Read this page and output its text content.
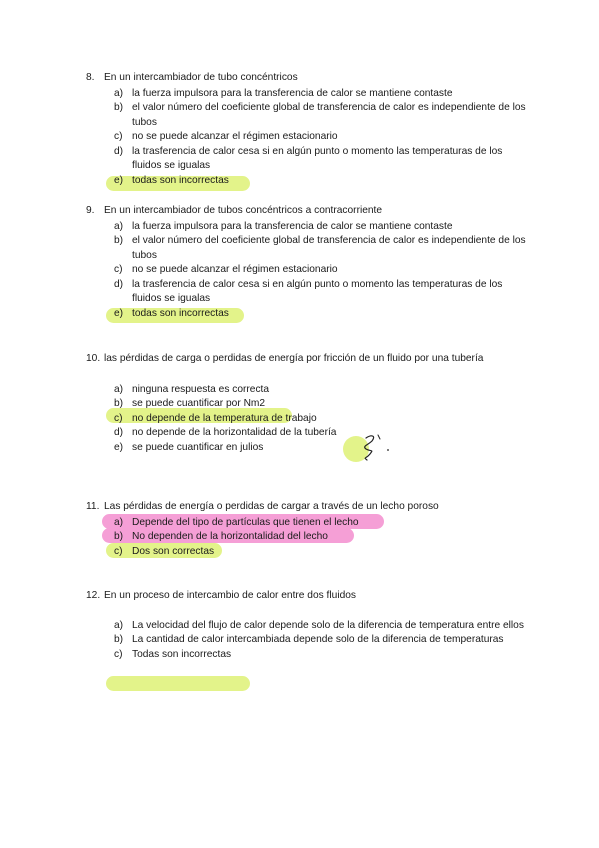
8. En un intercambiador de tubo concéntricos
a) la fuerza impulsora para la transferencia de calor se mantiene contaste
b) el valor número del coeficiente global de transferencia de calor es independiente de los tubos
c) no se puede alcanzar el régimen estacionario
d) la trasferencia de calor cesa si en algún punto o momento las temperaturas de los fluidos se igualas
e) todas son incorrectas
9. En un intercambiador de tubos concéntricos a contracorriente
a) la fuerza impulsora para la transferencia de calor se mantiene contaste
b) el valor número del coeficiente global de transferencia de calor es independiente de los tubos
c) no se puede alcanzar el régimen estacionario
d) la trasferencia de calor cesa si en algún punto o momento las temperaturas de los fluidos se igualas
e) todas son incorrectas
10. las pérdidas de carga o perdidas de energía por fricción de un fluido por una tubería
a) ninguna respuesta es correcta
b) se puede cuantificar por Nm2
c) no depende de la temperatura de trabajo
d) no depende de la horizontalidad de la tubería
e) se puede cuantificar en julios
11. Las pérdidas de energía o perdidas de cargar a través de un lecho poroso
a) Depende del tipo de partículas que tienen el lecho
b) No dependen de la horizontalidad del lecho
c) Dos son correctas
12. En un proceso de intercambio de calor entre dos fluidos
a) La velocidad del flujo de calor depende solo de la diferencia de temperatura entre ellos
b) La cantidad de calor intercambiada depende solo de la diferencia de temperaturas
c) Todas son incorrectas
